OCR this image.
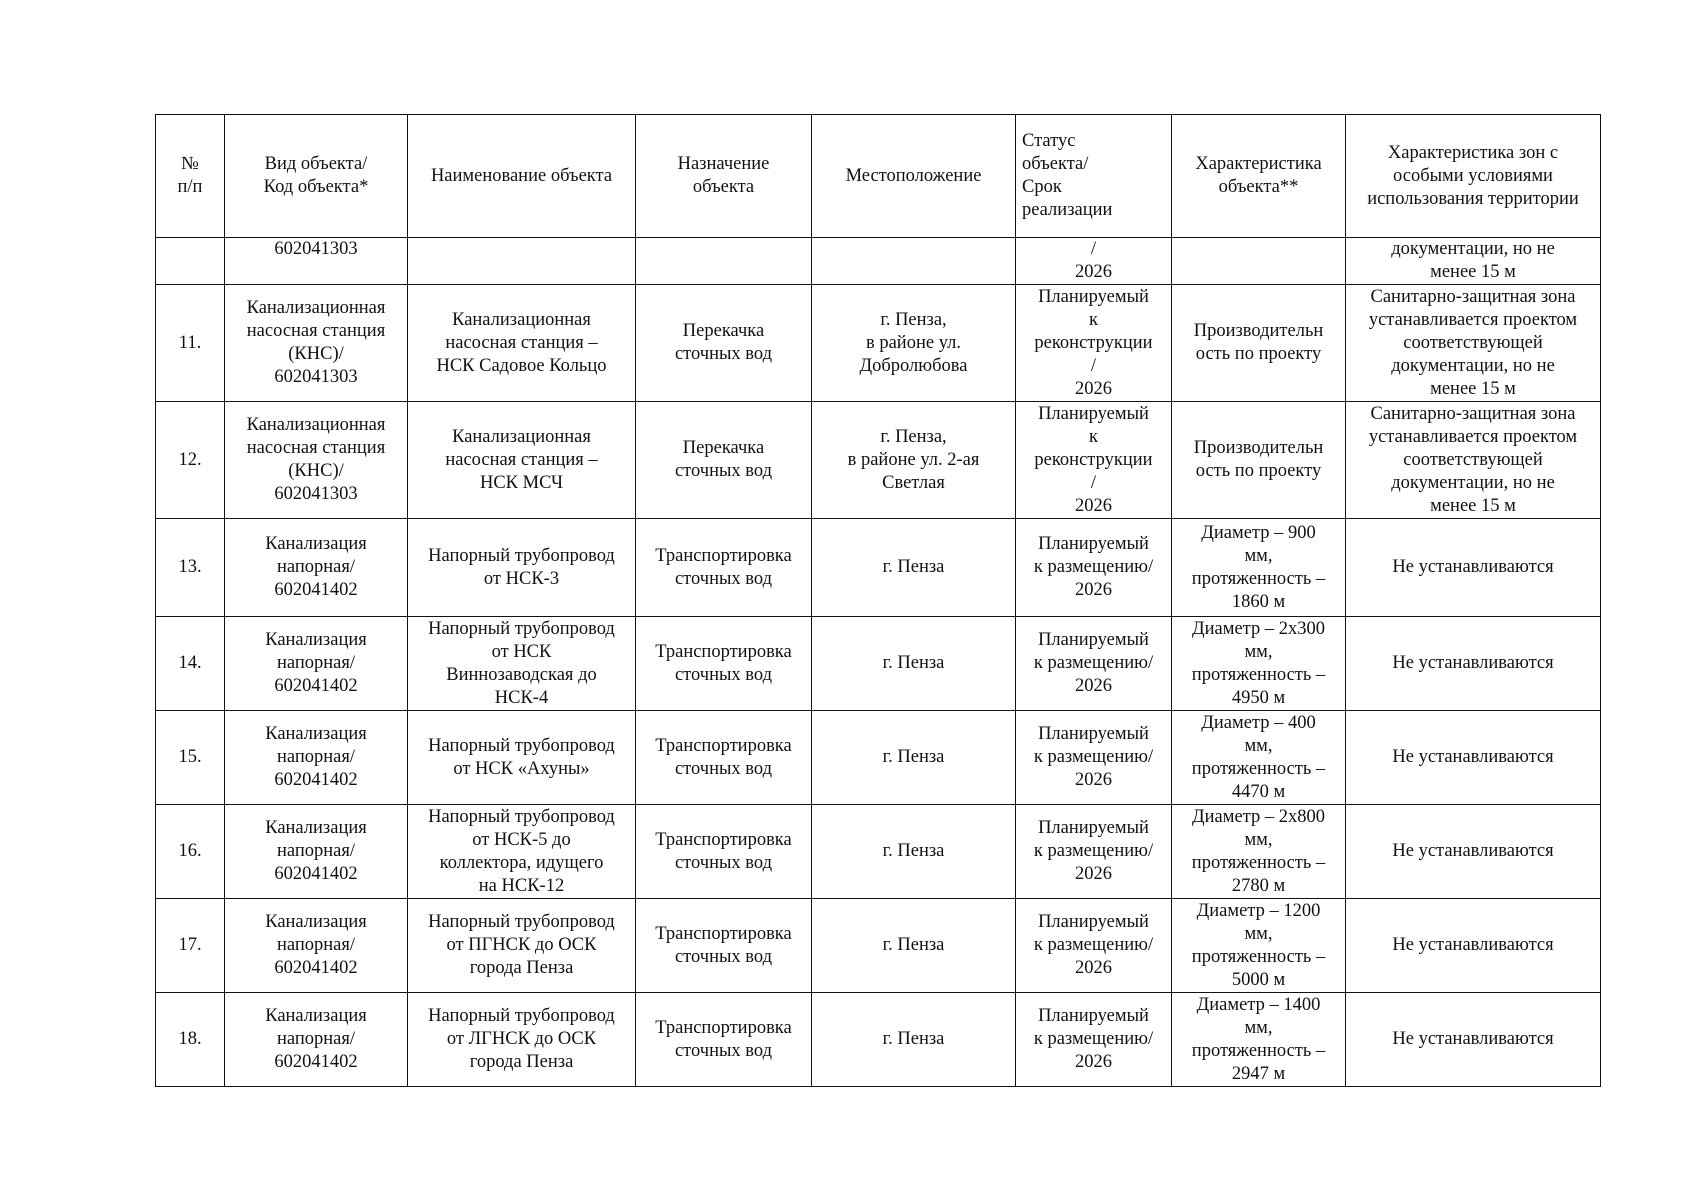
№
п/п	Вид объекта/
Код объекта*	Наименование объекта	Назначение
объекта	Местоположение	Статус
объекта/
Срок
реализации	Характеристика
объекта**	Характеристика зон с
особыми условиями
использования территории
	602041303				/
2026		документации, но не
менее 15 м
11.	Канализационная
насосная станция
(КНС)/
602041303	Канализационная
насосная станция –
НСК Садовое Кольцо	Перекачка
сточных вод	г. Пенза,
в районе ул.
Добролюбова	Планируемый
к
реконструкции
/
2026	Производительн
ость по проекту	Санитарно-защитная зона
устанавливается проектом
соответствующей
документации, но не
менее 15 м
12.	Канализационная
насосная станция
(КНС)/
602041303	Канализационная
насосная станция –
НСК МСЧ	Перекачка
сточных вод	г. Пенза,
в районе ул. 2-ая
Светлая	Планируемый
к
реконструкции
/
2026	Производительн
ость по проекту	Санитарно-защитная зона
устанавливается проектом
соответствующей
документации, но не
менее 15 м
13.	Канализация
напорная/
602041402	Напорный трубопровод
от НСК-3	Транспортировка
сточных вод	г. Пенза	Планируемый
к размещению/
2026	Диаметр – 900
мм,
протяженность –
1860 м	Не устанавливаются
14.	Канализация
напорная/
602041402	Напорный трубопровод
от НСК
Виннозаводская до
НСК-4	Транспортировка
сточных вод	г. Пенза	Планируемый
к размещению/
2026	Диаметр – 2х300
мм,
протяженность –
4950 м	Не устанавливаются
15.	Канализация
напорная/
602041402	Напорный трубопровод
от НСК «Ахуны»	Транспортировка
сточных вод	г. Пенза	Планируемый
к размещению/
2026	Диаметр – 400
мм,
протяженность –
4470 м	Не устанавливаются
16.	Канализация
напорная/
602041402	Напорный трубопровод
от НСК-5 до
коллектора, идущего
на НСК-12	Транспортировка
сточных вод	г. Пенза	Планируемый
к размещению/
2026	Диаметр – 2х800
мм,
протяженность –
2780 м	Не устанавливаются
17.	Канализация
напорная/
602041402	Напорный трубопровод
от ПГНСК до ОСК
города Пенза	Транспортировка
сточных вод	г. Пенза	Планируемый
к размещению/
2026	Диаметр – 1200
мм,
протяженность –
5000 м	Не устанавливаются
18.	Канализация
напорная/
602041402	Напорный трубопровод
от ЛГНСК до ОСК
города Пенза	Транспортировка
сточных вод	г. Пенза	Планируемый
к размещению/
2026	Диаметр – 1400
мм,
протяженность –
2947 м	Не устанавливаются
